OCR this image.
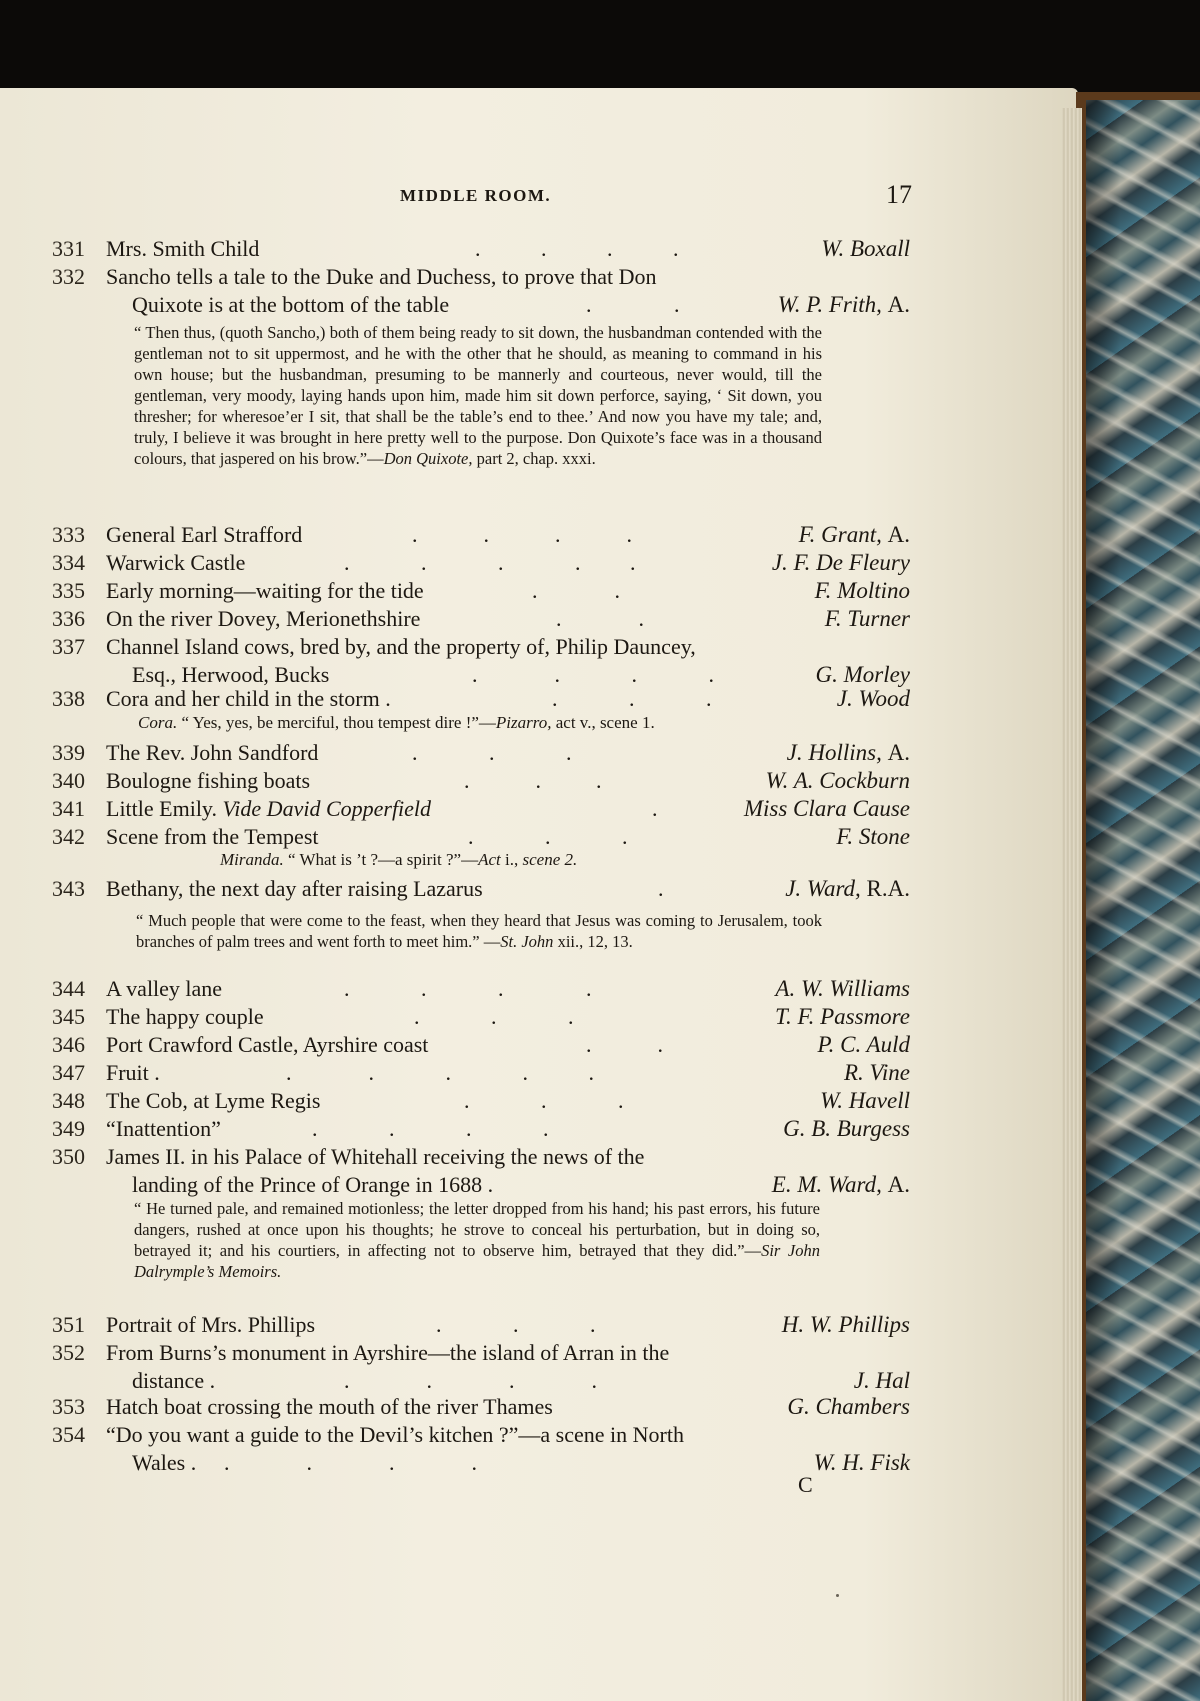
MIDDLE ROOM.	17
331 Mrs. Smith Child	.           .           .           .	W. Boxall
332 Sancho tells a tale to the Duke and Duchess, to prove that Don
Quixote is at the bottom of the table	.               .	W. P. Frith, A.
333 General Earl Strafford	.            .            .            .	F. Grant, A.
334 Warwick Castle	.             .             .             .         .	J. F. De Fleury
335 Early morning—waiting for the tide	.              .	F. Moltino
336 On the river Dovey, Merionethshire	.              .	F. Turner
337 Channel Island cows, bred by, and the property of, Philip Dauncey,
Esq., Herwood, Bucks	.              .             .             .	G. Morley
338 Cora and her child in the storm .	.             .             .	J. Wood
339 The Rev. John Sandford	.             .             .	J. Hollins, A.
340 Boulogne fishing boats	.            .          .	W. A. Cockburn
341 Little Emily. Vide David Copperfield	.	Miss Clara Cause
342 Scene from the Tempest	.             .             .	F. Stone
343 Bethany, the next day after raising Lazarus	.	J. Ward, R.A.
344 A valley lane	.             .             .               .	A. W. Williams
345 The happy couple	.             .             .	T. F. Passmore
346 Port Crawford Castle, Ayrshire coast	.            .	P. C. Auld
347 Fruit .	.              .             .             .           .	R. Vine
348 The Cob, at Lyme Regis	.             .             .	W. Havell
349 “Inattention”	.             .             .             .	G. B. Burgess
350 James II. in his Palace of Whitehall receiving the news of the
landing of the Prince of Orange in 1688 .	E. M. Ward, A.
351 Portrait of Mrs. Phillips	.             .             .	H. W. Phillips
352 From Burns’s monument in Ayrshire—the island of Arran in the
distance .	.              .              .              .	J. Hal
353 Hatch boat crossing the mouth of the river Thames	G. Chambers
354 “Do you want a guide to the Devil’s kitchen ?”—a scene in North
Wales . .              .              .              .	W. H. Fisk
“ Then thus, (quoth Sancho,) both of them being ready to sit down, the husbandman contended with the gentleman not to sit uppermost, and he with the other that he should, as meaning to command in his own house; but the husbandman, presuming to be mannerly and courteous, never would, till the gentleman, very moody, laying hands upon him, made him sit down perforce, saying, ‘ Sit down, you thresher; for wheresoe’er I sit, that shall be the table’s end to thee.’ And now you have my tale; and, truly, I believe it was brought in here pretty well to the purpose. Don Quixote’s face was in a thousand colours, that jaspered on his brow.”—Don Quixote, part 2, chap. xxxi.
Cora. “ Yes, yes, be merciful, thou tempest dire !”—Pizarro, act v., scene 1.
Miranda. “ What is ’t ?—a spirit ?”—Act i., scene 2.
“ Much people that were come to the feast, when they heard that Jesus was coming to Jerusalem, took branches of palm trees and went forth to meet him.” —St. John xii., 12, 13.
“ He turned pale, and remained motionless; the letter dropped from his hand; his past errors, his future dangers, rushed at once upon his thoughts; he strove to conceal his perturbation, but in doing so, betrayed it; and his courtiers, in affecting not to observe him, betrayed that they did.”—Sir John Dalrymple’s Memoirs.
C
